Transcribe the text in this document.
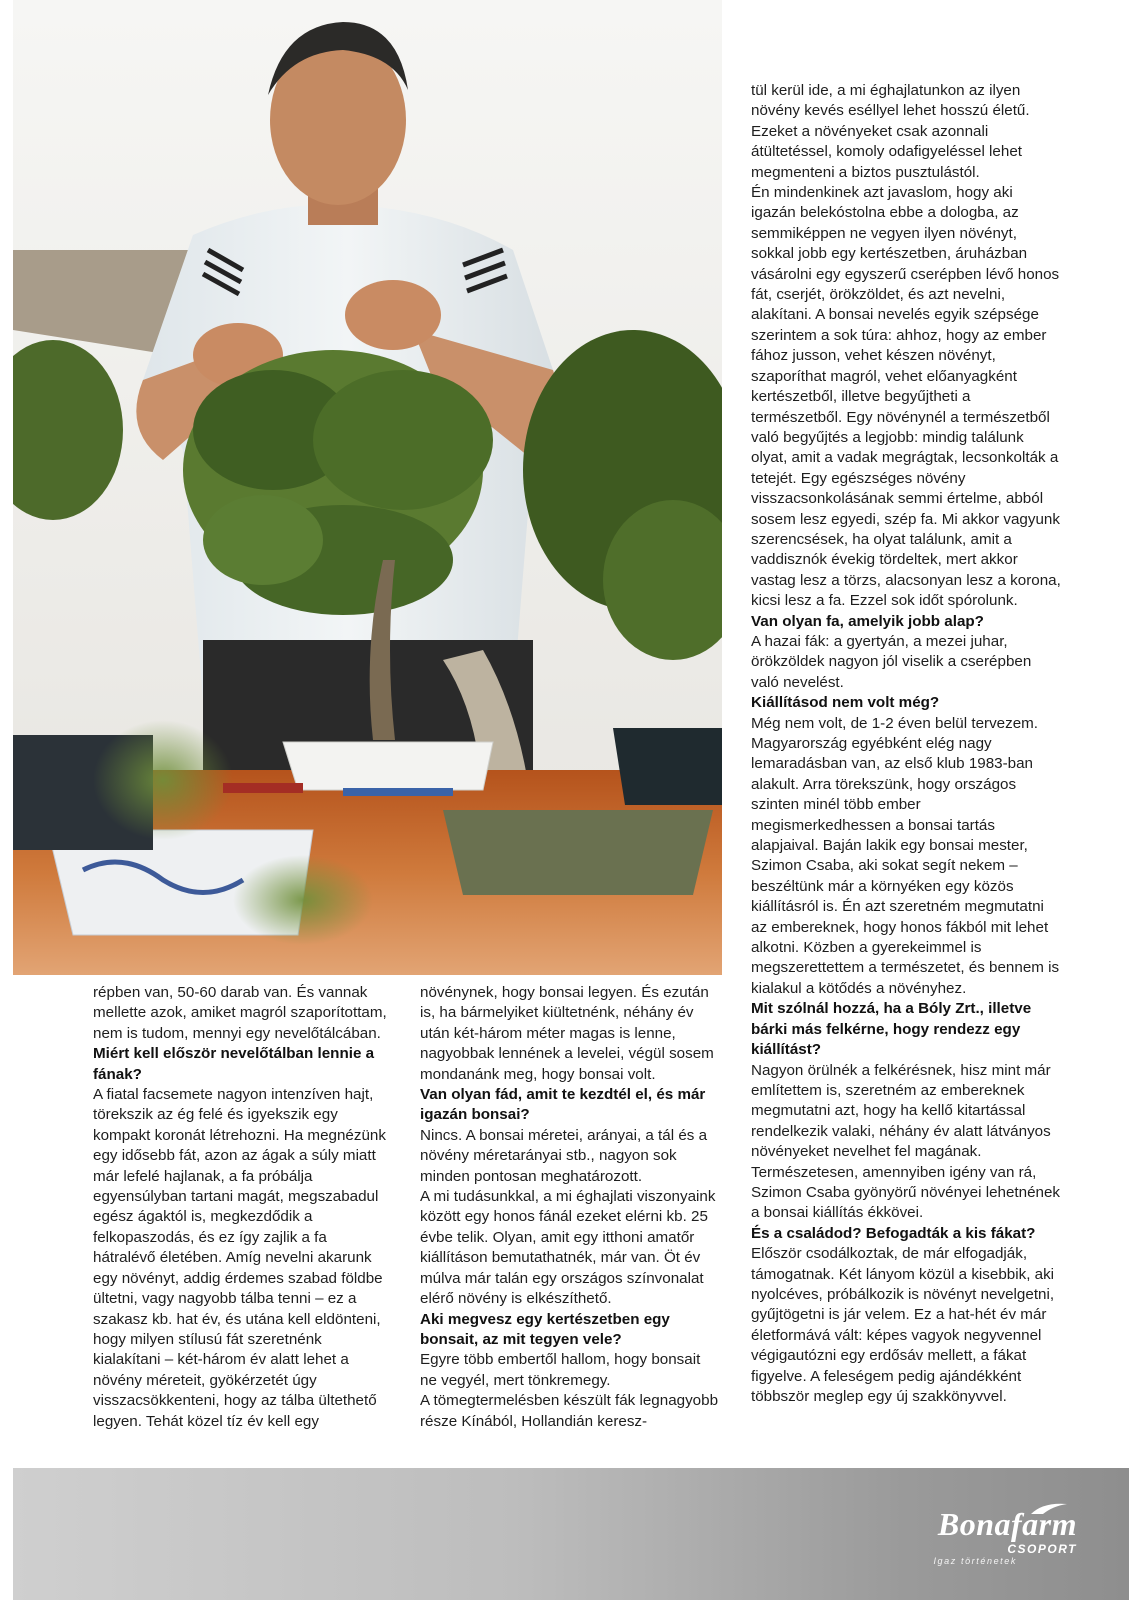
tül kerül ide, a mi éghajlatunkon az ilyen növény kevés eséllyel lehet hosszú életű. Ezeket a növényeket csak azonnali átültetéssel, komoly odafigyeléssel lehet megmenteni a biztos pusztulástól.

Én mindenkinek azt javaslom, hogy aki igazán belekóstolna ebbe a dologba, az semmiképpen ne vegyen ilyen növényt, sokkal jobb egy kertészetben, áruházban vásárolni egy egyszerű cserépben lévő honos fát, cserjét, örökzöldet, és azt nevelni, alakítani. A bonsai nevelés egyik szépsége szerintem a sok túra: ahhoz, hogy az ember fához jusson, vehet készen növényt, szaporíthat magról, vehet előanyagként kertészetből, illetve begyűjtheti a természetből. Egy növénynél a természetből való begyűjtés a legjobb: mindig találunk olyat, amit a vadak megrágtak, lecsonkolták a tetejét. Egy egészséges növény visszacsonkolásának semmi értelme, abból sosem lesz egyedi, szép fa. Mi akkor vagyunk szerencsések, ha olyat találunk, amit a vaddisznók évekig tördeltek, mert akkor vastag lesz a törzs, alacsonyan lesz a korona, kicsi lesz a fa. Ezzel sok időt spórolunk.

Van olyan fa, amelyik jobb alap?

A hazai fák: a gyertyán, a mezei juhar, örökzöldek nagyon jól viselik a cserépben való nevelést.

Kiállításod nem volt még?

Még nem volt, de 1-2 éven belül tervezem. Magyarország egyébként elég nagy lemaradásban van, az első klub 1983-ban alakult. Arra törekszünk, hogy országos szinten minél több ember megismerkedhessen a bonsai tartás alapjaival. Baján lakik egy bonsai mester, Szimon Csaba, aki sokat segít nekem – beszéltünk már a környéken egy közös kiállításról is. Én azt szeretném megmutatni az embereknek, hogy honos fákból mit lehet alkotni. Közben a gyerekeimmel is megszerettettem a természetet, és bennem is kialakul a kötődés a növényhez.

Mit szólnál hozzá, ha a Bóly Zrt., illetve bárki más felkérne, hogy rendezz egy kiállítást?

Nagyon örülnék a felkérésnek, hisz mint már említettem is, szeretném az embereknek megmutatni azt, hogy ha kellő kitartással rendelkezik valaki, néhány év alatt látványos növényeket nevelhet fel magának. Természetesen, amennyiben igény van rá, Szimon Csaba gyönyörű növényei lehetnének a bonsai kiállítás ékkövei.

És a családod? Befogadták a kis fákat?

Először csodálkoztak, de már elfogadják, támogatnak. Két lányom közül a kisebbik, aki nyolcéves, próbálkozik is növényt nevelgetni, gyűjtögetni is jár velem. Ez a hat-hét év már életformává vált: képes vagyok negyvennel végigautózni egy erdősáv mellett, a fákat figyelve. A feleségem pedig ajándékként többször meglep egy új szakkönyvvel.

répben van, 50-60 darab van. És vannak mellette azok, amiket magról szaporítottam, nem is tudom, mennyi egy nevelőtálcában.

Miért kell először nevelőtálban lennie a fának?

A fiatal facsemete nagyon intenzíven hajt, törekszik az ég felé és igyekszik egy kompakt koronát létrehozni. Ha megnézünk egy idősebb fát, azon az ágak a súly miatt már lefelé hajlanak, a fa próbálja egyensúlyban tartani magát, megszabadul egész ágaktól is, megkezdődik a felkopaszodás, és ez így zajlik a fa hátralévő életében. Amíg nevelni akarunk egy növényt, addig érdemes szabad földbe ültetni, vagy nagyobb tálba tenni – ez a szakasz kb. hat év, és utána kell eldönteni, hogy milyen stílusú fát szeretnénk kialakítani – két-három év alatt lehet a növény méreteit, gyökérzetét úgy visszacsökkenteni, hogy az tálba ültethető legyen. Tehát közel tíz év kell egy

növénynek, hogy bonsai legyen. És ezután is, ha bármelyiket kiültetnénk, néhány év után két-három méter magas is lenne, nagyobbak lennének a levelei, végül sosem mondanánk meg, hogy bonsai volt.

Van olyan fád, amit te kezdtél el, és már igazán bonsai?

Nincs. A bonsai méretei, arányai, a tál és a növény méretarányai stb., nagyon sok minden pontosan meghatározott.

A mi tudásunkkal, a mi éghajlati viszonyaink között egy honos fánál ezeket elérni kb. 25 évbe telik. Olyan, amit egy itthoni amatőr kiállításon bemutathatnék, már van. Öt év múlva már talán egy országos színvonalat elérő növény is elkészíthető.

Aki megvesz egy kertészetben egy bonsait, az mit tegyen vele?

Egyre több embertől hallom, hogy bonsait ne vegyél, mert tönkremegy.

A tömegtermelésben készült fák legnagyobb része Kínából, Hollandián keresz-

Bonafarm
CSOPORT
Igaz történetek
